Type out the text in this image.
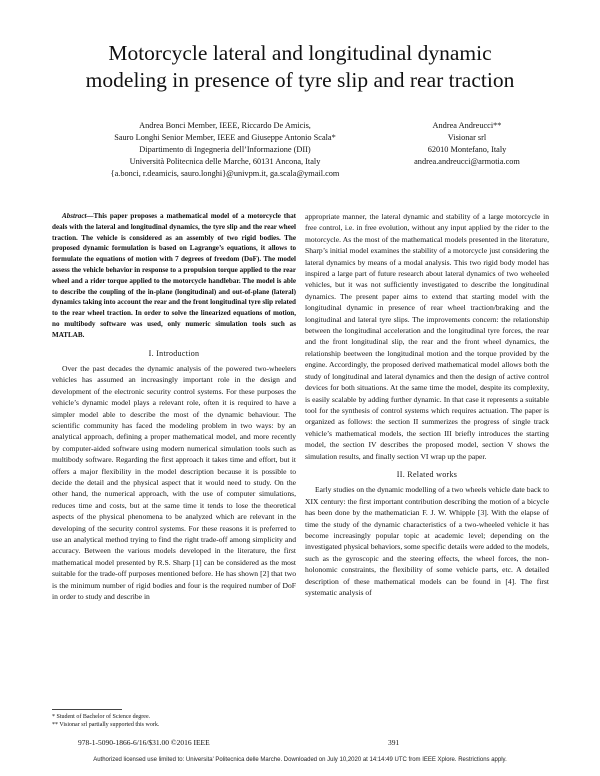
Motorcycle lateral and longitudinal dynamic
modeling in presence of tyre slip and rear traction
Andrea Bonci Member, IEEE, Riccardo De Amicis,
Sauro Longhi Senior Member, IEEE and Giuseppe Antonio Scala*
Dipartimento di Ingegneria dell’Informazione (DII)
Università Politecnica delle Marche, 60131 Ancona, Italy
{a.bonci, r.deamicis, sauro.longhi}@univpm.it, ga.scala@ymail.com
Andrea Andreucci**
Visionar srl
62010 Montefano, Italy
andrea.andreucci@armotia.com

Abstract—This paper proposes a mathematical model of a motorcycle that deals with the lateral and longitudinal dynamics, the tyre slip and the rear wheel traction. The vehicle is considered as an assembly of two rigid bodies. The proposed dynamic formulation is based on Lagrange’s equations, it allows to formulate the equations of motion with 7 degrees of freedom (DoF). The model assess the vehicle behavior in response to a propulsion torque applied to the rear wheel and a rider torque applied to the motorcycle handlebar. The model is able to describe the coupling of the in-plane (longitudinal) and out-of-plane (lateral) dynamics taking into account the rear and the front longitudinal tyre slip related to the rear wheel traction. In order to solve the linearized equations of motion, no multibody software was used, only numeric simulation tools such as MATLAB.

I. Introduction

Over the past decades the dynamic analysis of the powered two-wheelers vehicles has assumed an increasingly important role in the design and development of the electronic security control systems. For these purposes the vehicle’s dynamic model plays a relevant role, often it is required to have a simpler model able to describe the most of the dynamic behaviour. The scientific community has faced the modeling problem in two ways: by an analytical approach, defining a proper mathematical model, and more recently by computer-aided software using modern numerical simulation tools such as multibody software. Regarding the first approach it takes time and effort, but it offers a major flexibility in the model description because it is possible to decide the detail and the physical aspect that it would need to study. On the other hand, the numerical approach, with the use of computer simulations, reduces time and costs, but at the same time it tends to lose the theoretical aspects of the physical phenomena to be analyzed which are relevant in the developing of the security control systems. For these reasons it is preferred to use an analytical method trying to find the right trade-off among simplicity and accuracy. Between the various models developed in the literature, the first mathematical model presented by R.S. Sharp [1] can be considered as the most suitable for the trade-off purposes mentioned before. He has shown [2] that two is the minimum number of rigid bodies and four is the required number of DoF in order to study and describe in

appropriate manner, the lateral dynamic and stability of a large motorcycle in free control, i.e. in free evolution, without any input applied by the rider to the motorcycle. As the most of the mathematical models presented in the literature, Sharp’s initial model examines the stability of a motorcycle just considering the lateral dynamics by means of a modal analysis. This two rigid body model has inspired a large part of future research about lateral dynamics of two weheeled vehicles, but it was not sufficiently investigated to describe the longitudinal dynamics. The present paper aims to extend that starting model with the longitudinal dynamic in presence of rear wheel traction/braking and the longitudinal and lateral tyre slips. The improvements concern: the relationship between the longitudinal acceleration and the longitudinal tyre forces, the rear and the front longitudinal slip, the rear and the front wheel dynamics, the relationship beetween the longitudinal motion and the torque provided by the engine. Accordingly, the proposed derived mathematical model allows both the study of longitudinal and lateral dynamics and then the design of active control devices for both situations. At the same time the model, despite its complexity, is easily scalable by adding further dynamic. In that case it represents a suitable tool for the synthesis of control systems which requires actuation. The paper is organized as follows: the section II summerizes the progress of single track vehicle’s mathematical models, the section III briefly introduces the starting model, the section IV describes the proposed model, section V shows the simulation results, and finally section VI wrap up the paper.

II. Related works

Early studies on the dynamic modelling of a two wheels vehicle date back to XIX century: the first important contribution describing the motion of a bicycle has been done by the mathematician F. J. W. Whipple [3]. With the elapse of time the study of the dynamic characteristics of a two-wheeled vehicle it has become increasingly popular topic at academic level; depending on the investigated physical behaviors, some specific details were added to the models, such as the gyroscopic and the steering effects, the wheel forces, the non-holonomic constraints, the flexibility of some vehicle parts, etc. A detailed description of these mathematical models can be found in [4]. The first systematic analysis of

* Student of Bachelor of Science degree.
** Visionar srl partially supported this work.
978-1-5090-1866-6/16/$31.00 ©2016 IEEE	391
Authorized licensed use limited to: Universita' Politecnica delle Marche. Downloaded on July 10,2020 at 14:14:49 UTC from IEEE Xplore. Restrictions apply.
